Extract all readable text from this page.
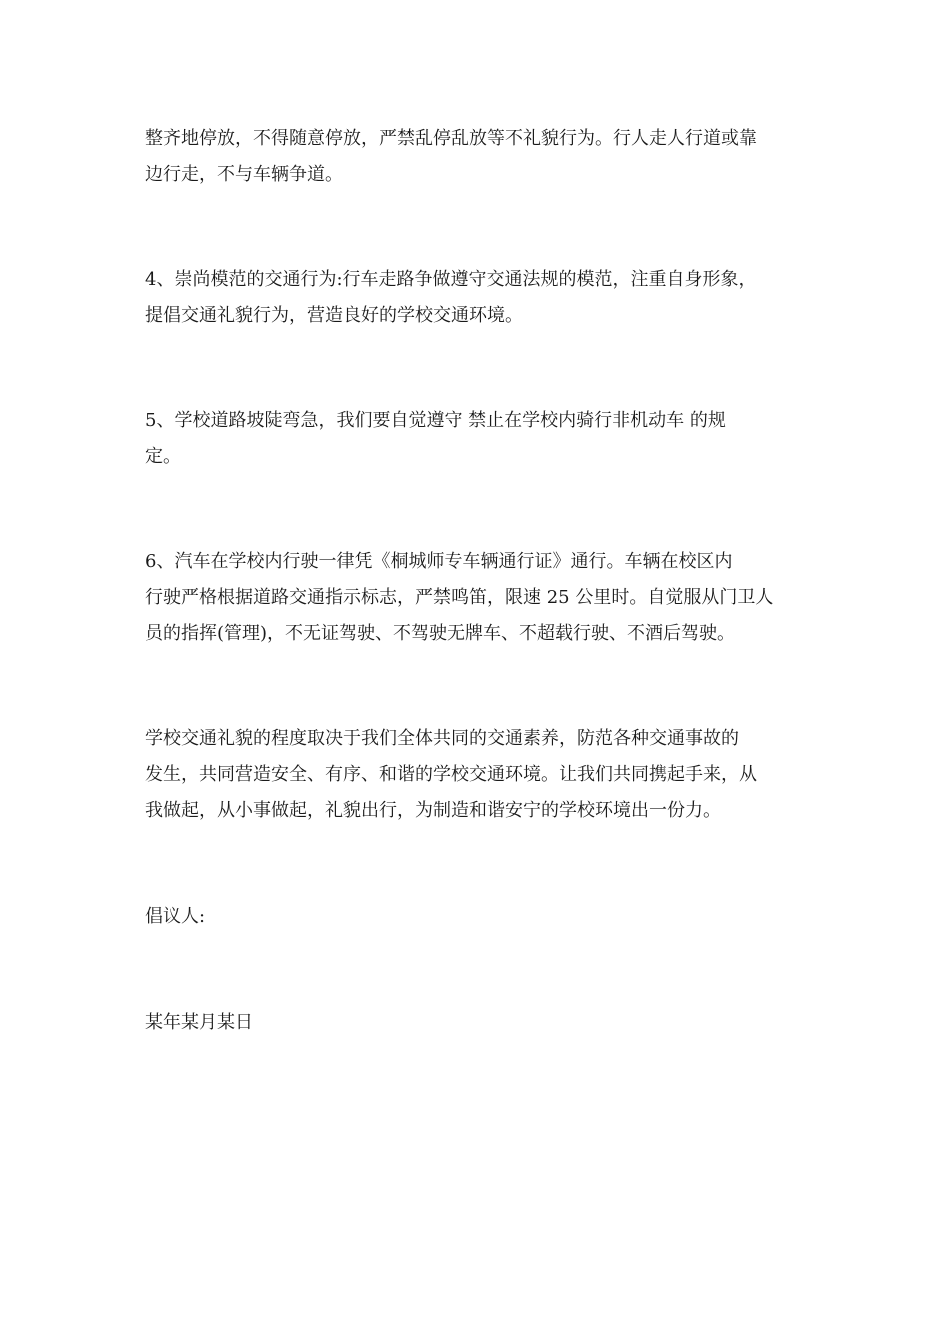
整齐地停放，不得随意停放，严禁乱停乱放等不礼貌行为。行人走人行道或靠

边行走，不与车辆争道。

4、崇尚模范的交通行为:行车走路争做遵守交通法规的模范，注重自身形象，

提倡交通礼貌行为，营造良好的学校交通环境。

5、学校道路坡陡弯急，我们要自觉遵守 禁止在学校内骑行非机动车 的规

定。

6、汽车在学校内行驶一律凭《桐城师专车辆通行证》通行。车辆在校区内

行驶严格根据道路交通指示标志，严禁鸣笛，限速 25 公里时。自觉服从门卫人

员的指挥(管理)，不无证驾驶、不驾驶无牌车、不超载行驶、不酒后驾驶。

学校交通礼貌的程度取决于我们全体共同的交通素养，防范各种交通事故的

发生，共同营造安全、有序、和谐的学校交通环境。让我们共同携起手来，从

我做起，从小事做起，礼貌出行，为制造和谐安宁的学校环境出一份力。

倡议人:

某年某月某日
